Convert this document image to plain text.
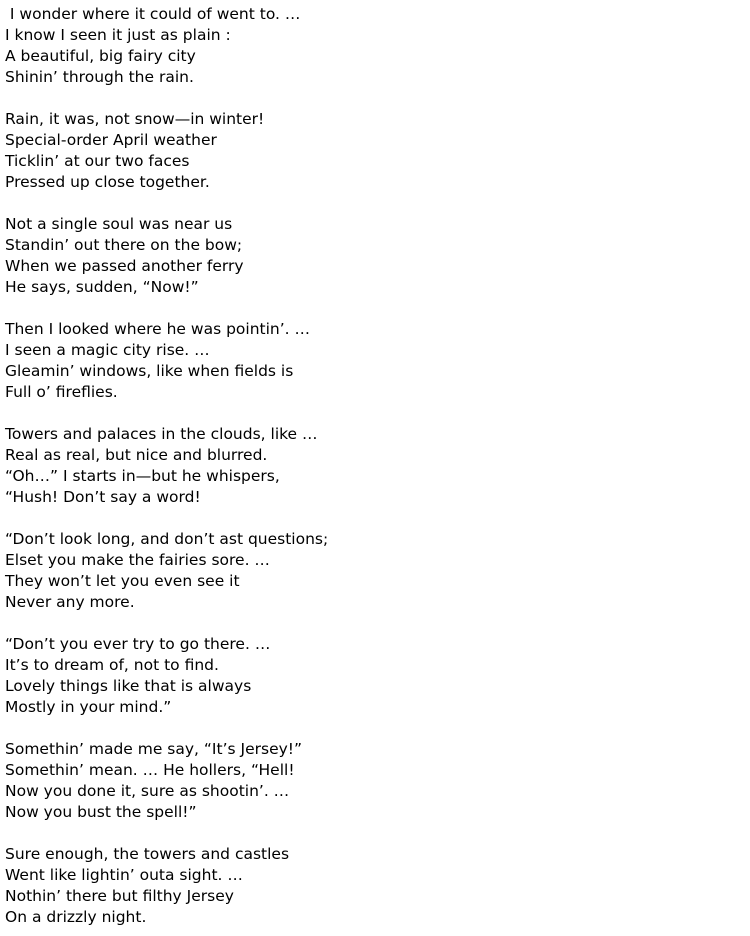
I wonder where it could of went to. …
I know I seen it just as plain :
A beautiful, big fairy city
Shinin’ through the rain.
Rain, it was, not snow—in winter!
Special-order April weather
Ticklin’ at our two faces
Pressed up close together.
Not a single soul was near us
Standin’ out there on the bow;
When we passed another ferry
He says, sudden, “Now!”
Then I looked where he was pointin’. …
I seen a magic city rise. …
Gleamin’ windows, like when fields is
Full o’ fireflies.
Towers and palaces in the clouds, like …
Real as real, but nice and blurred.
“Oh…” I starts in—but he whispers,
“Hush! Don’t say a word!
“Don’t look long, and don’t ast questions;
Elset you make the fairies sore. …
They won’t let you even see it
Never any more.
“Don’t you ever try to go there. …
It’s to dream of, not to find.
Lovely things like that is always
Mostly in your mind.”
Somethin’ made me say, “It’s Jersey!”
Somethin’ mean. … He hollers, “Hell!
Now you done it, sure as shootin’. …
Now you bust the spell!”
Sure enough, the towers and castles
Went like lightin’ outa sight. …
Nothin’ there but filthy Jersey
On a drizzly night.
